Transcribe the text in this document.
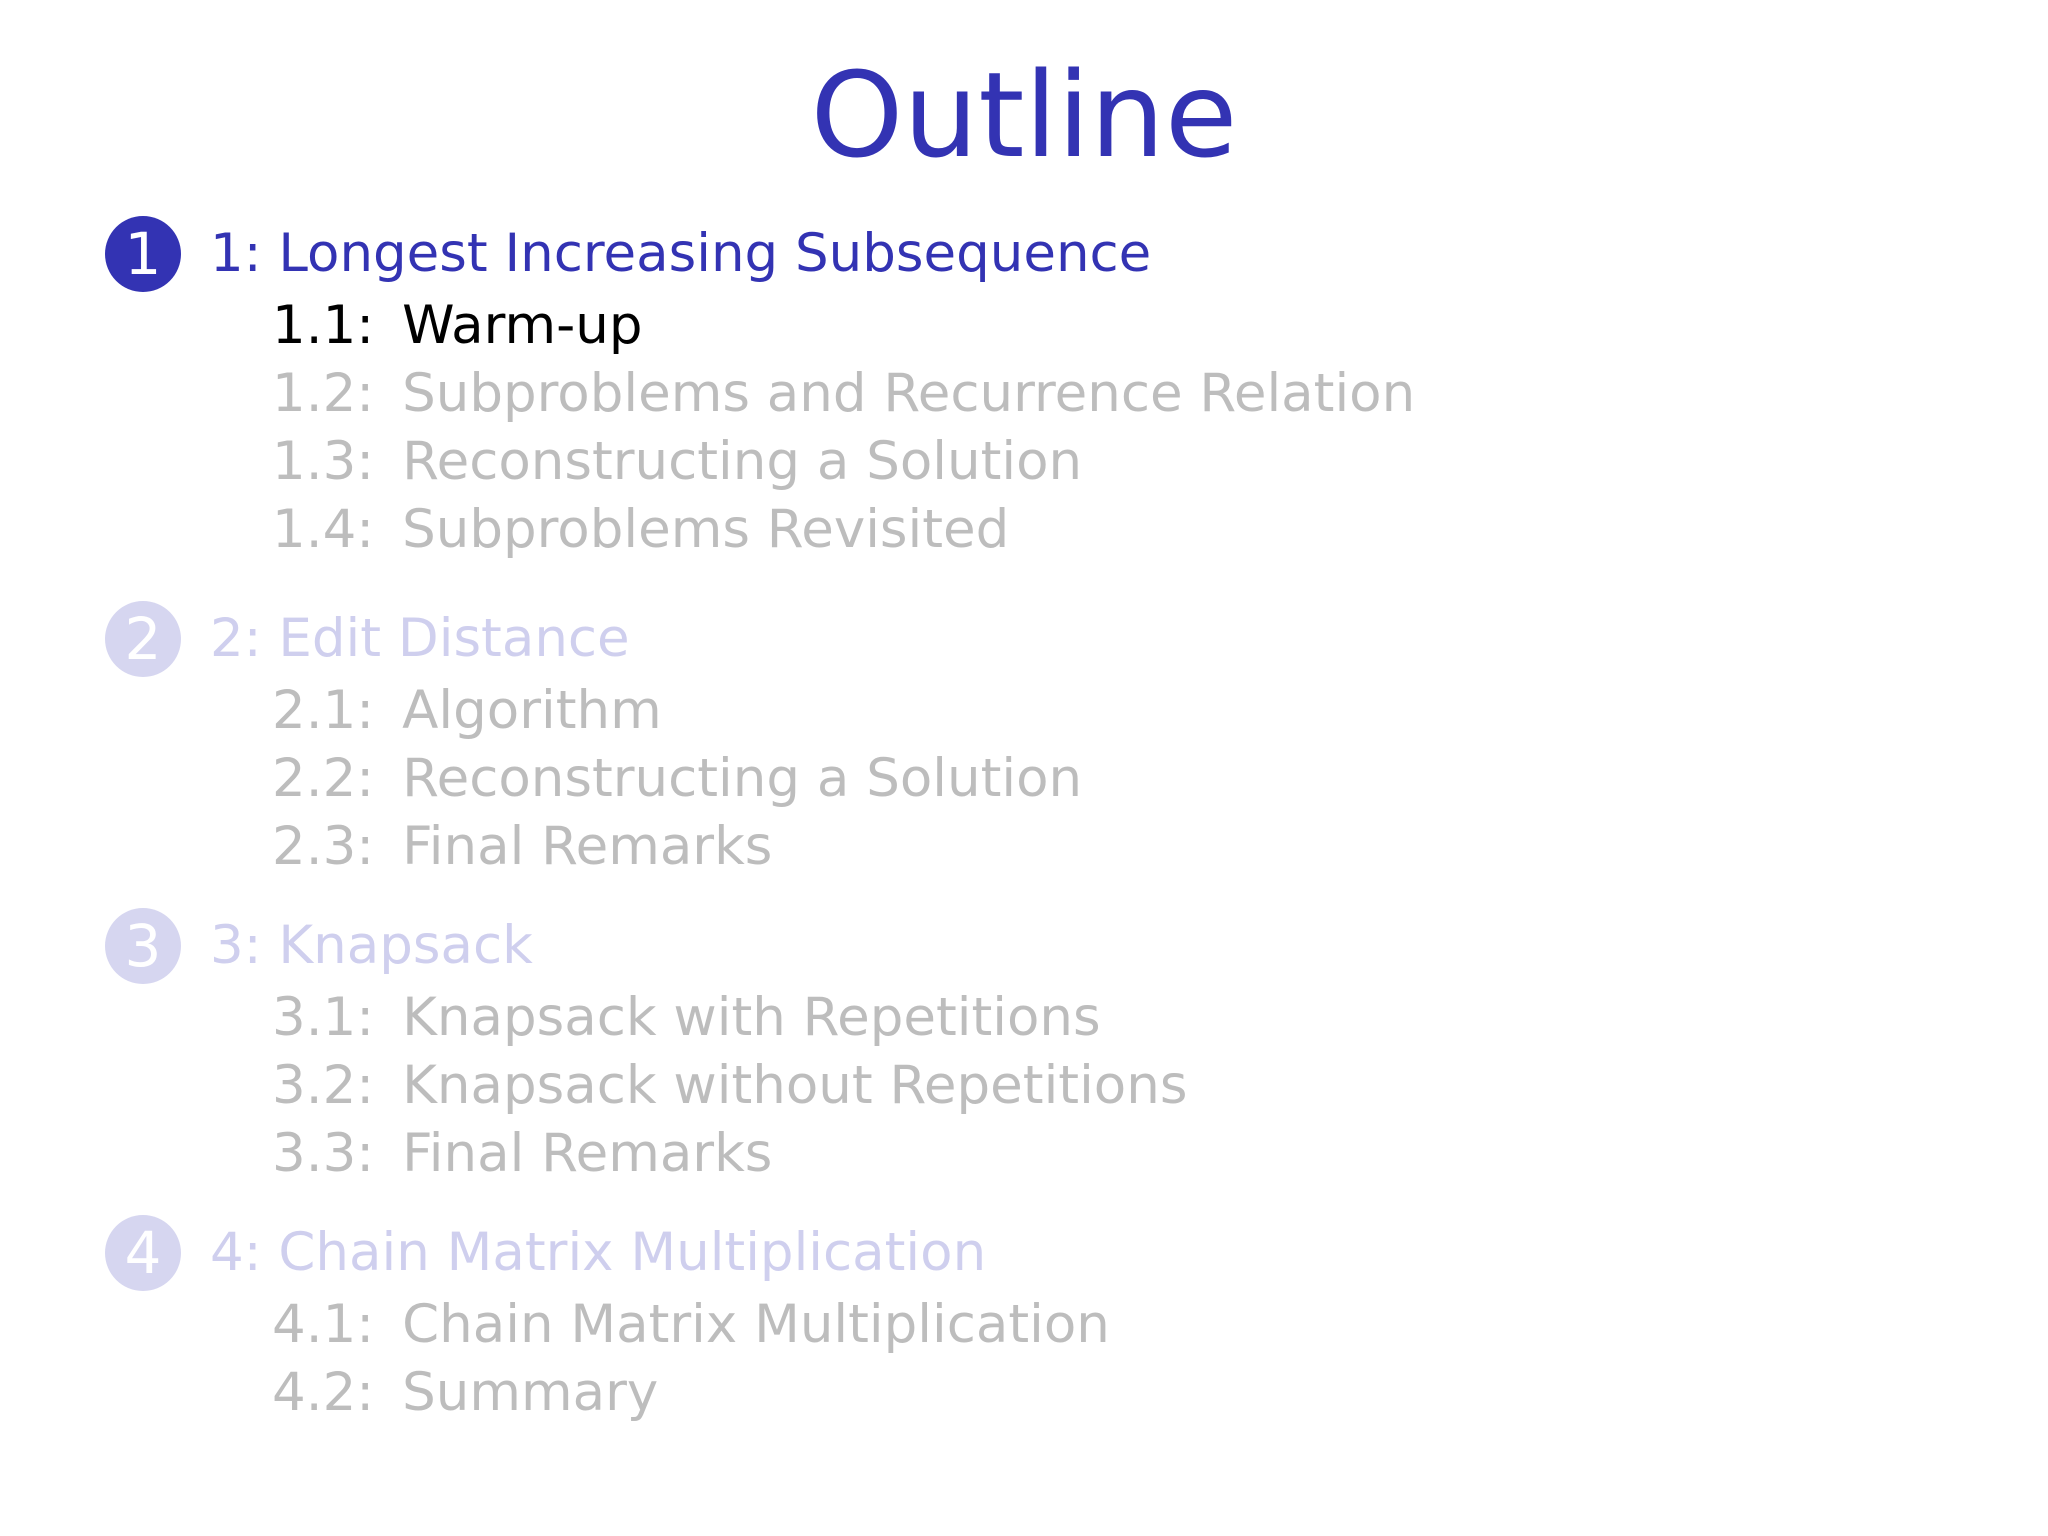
Outline
1 1: Longest Increasing Subsequence
1.1: Warm-up
1.2: Subproblems and Recurrence Relation
1.3: Reconstructing a Solution
1.4: Subproblems Revisited
2 2: Edit Distance
2.1: Algorithm
2.2: Reconstructing a Solution
2.3: Final Remarks
3 3: Knapsack
3.1: Knapsack with Repetitions
3.2: Knapsack without Repetitions
3.3: Final Remarks
4 4: Chain Matrix Multiplication
4.1: Chain Matrix Multiplication
4.2: Summary
